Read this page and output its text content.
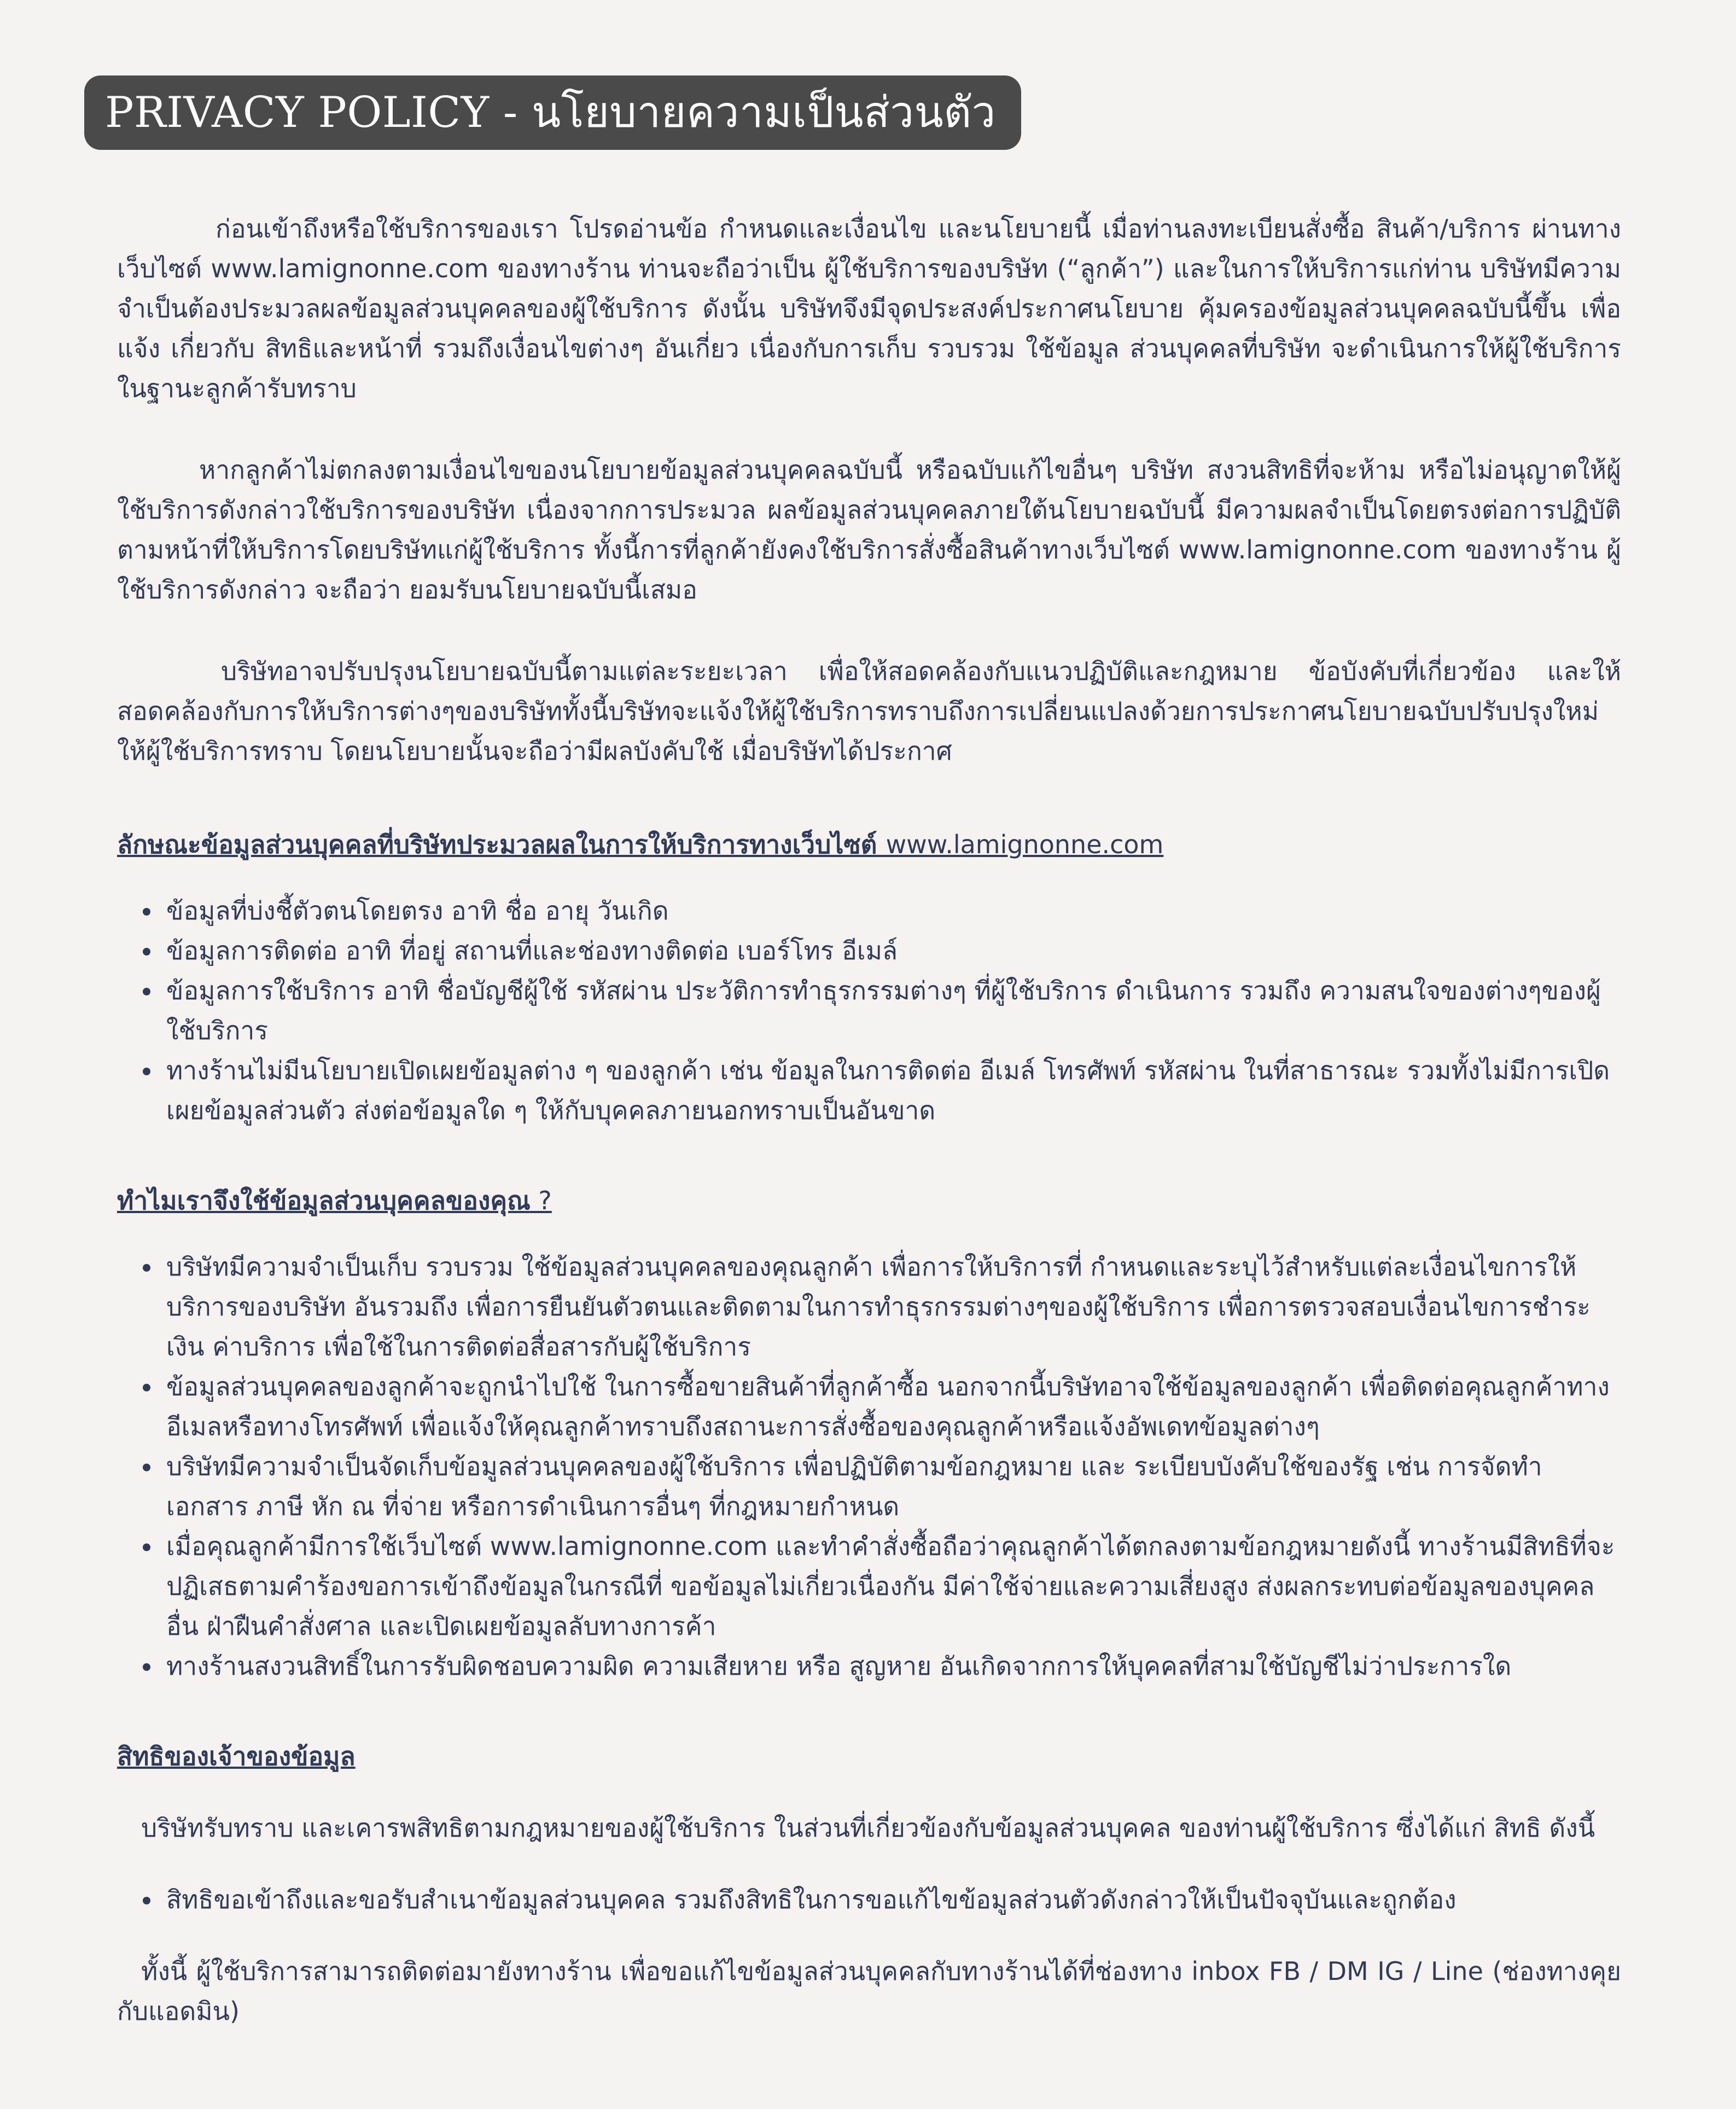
PRIVACY POLICY - นโยบายความเป็นส่วนตัว

ก่อนเข้าถึงหรือใช้บริการของเรา โปรดอ่านข้อ กำหนดและเงื่อนไข และนโยบายนี้ เมื่อท่านลงทะเบียนสั่งซื้อ สินค้า/บริการ ผ่านทางเว็บไซต์ www.lamignonne.com ของทางร้าน ท่านจะถือว่าเป็น ผู้ใช้บริการของบริษัท (“ลูกค้า”) และในการให้บริการแก่ท่าน บริษัทมีความจำเป็นต้องประมวลผลข้อมูลส่วนบุคคลของผู้ใช้บริการ ดังนั้น บริษัทจึงมีจุดประสงค์ประกาศนโยบาย คุ้มครองข้อมูลส่วนบุคคลฉบับนี้ขึ้น เพื่อแจ้ง เกี่ยวกับ สิทธิและหน้าที่ รวมถึงเงื่อนไขต่างๆ อันเกี่ยว เนื่องกับการเก็บ รวบรวม ใช้ข้อมูล ส่วนบุคคลที่บริษัท จะดำเนินการให้ผู้ใช้บริการ ในฐานะลูกค้ารับทราบ

หากลูกค้าไม่ตกลงตามเงื่อนไขของนโยบายข้อมูลส่วนบุคคลฉบับนี้ หรือฉบับแก้ไขอื่นๆ บริษัท สงวนสิทธิที่จะห้าม หรือไม่อนุญาตให้ผู้ใช้บริการดังกล่าวใช้บริการของบริษัท เนื่องจากการประมวล ผลข้อมูลส่วนบุคคลภายใต้นโยบายฉบับนี้ มีความผลจำเป็นโดยตรงต่อการปฏิบัติตามหน้าที่ให้บริการโดยบริษัทแก่ผู้ใช้บริการ ทั้งนี้การที่ลูกค้ายังคงใช้บริการสั่งซื้อสินค้าทางเว็บไซต์ www.lamignonne.com ของทางร้าน ผู้ใช้บริการดังกล่าว จะถือว่า ยอมรับนโยบายฉบับนี้เสมอ

บริษัทอาจปรับปรุงนโยบายฉบับนี้ตามแต่ละระยะเวลา เพื่อให้สอดคล้องกับแนวปฏิบัติและกฎหมาย ข้อบังคับที่เกี่ยวข้อง และให้สอดคล้องกับการให้บริการต่างๆของบริษัททั้งนี้บริษัทจะแจ้งให้ผู้ใช้บริการทราบถึงการเปลี่ยนแปลงด้วยการประกาศนโยบายฉบับปรับปรุงใหม่ให้ผู้ใช้บริการทราบ โดยนโยบายนั้นจะถือว่ามีผลบังคับใช้ เมื่อบริษัทได้ประกาศ

ลักษณะข้อมูลส่วนบุคคลที่บริษัทประมวลผลในการให้บริการทางเว็บไซต์ www.lamignonne.com
• ข้อมูลที่บ่งชี้ตัวตนโดยตรง อาทิ ชื่อ อายุ วันเกิด
• ข้อมูลการติดต่อ อาทิ ที่อยู่ สถานที่และช่องทางติดต่อ เบอร์โทร อีเมล์
• ข้อมูลการใช้บริการ อาทิ ชื่อบัญชีผู้ใช้ รหัสผ่าน ประวัติการทำธุรกรรมต่างๆ ที่ผู้ใช้บริการ ดำเนินการ รวมถึง ความสนใจของต่างๆของผู้ใช้บริการ
• ทางร้านไม่มีนโยบายเปิดเผยข้อมูลต่าง ๆ ของลูกค้า เช่น ข้อมูลในการติดต่อ อีเมล์ โทรศัพท์ รหัสผ่าน ในที่สาธารณะ รวมทั้งไม่มีการเปิดเผยข้อมูลส่วนตัว ส่งต่อข้อมูลใด ๆ ให้กับบุคคลภายนอกทราบเป็นอันขาด
ทำไมเราจึงใช้ข้อมูลส่วนบุคคลของคุณ ?
• บริษัทมีความจำเป็นเก็บ รวบรวม ใช้ข้อมูลส่วนบุคคลของคุณลูกค้า เพื่อการให้บริการที่ กำหนดและระบุไว้สำหรับแต่ละเงื่อนไขการให้บริการของบริษัท อันรวมถึง เพื่อการยืนยันตัวตนและติดตามในการทำธุรกรรมต่างๆของผู้ใช้บริการ เพื่อการตรวจสอบเงื่อนไขการชำระเงิน ค่าบริการ เพื่อใช้ในการติดต่อสื่อสารกับผู้ใช้บริการ
• ข้อมูลส่วนบุคคลของลูกค้าจะถูกนำไปใช้ ในการซื้อขายสินค้าที่ลูกค้าซื้อ นอกจากนี้บริษัทอาจใช้ข้อมูลของลูกค้า เพื่อติดต่อคุณลูกค้าทางอีเมลหรือทางโทรศัพท์ เพื่อแจ้งให้คุณลูกค้าทราบถึงสถานะการสั่งซื้อของคุณลูกค้าหรือแจ้งอัพเดทข้อมูลต่างๆ
• บริษัทมีความจำเป็นจัดเก็บข้อมูลส่วนบุคคลของผู้ใช้บริการ เพื่อปฏิบัติตามข้อกฎหมาย และ ระเบียบบังคับใช้ของรัฐ เช่น การจัดทำเอกสาร ภาษี หัก ณ ที่จ่าย หรือการดำเนินการอื่นๆ ที่กฎหมายกำหนด
• เมื่อคุณลูกค้ามีการใช้เว็บไซต์ www.lamignonne.com และทำคำสั่งซื้อถือว่าคุณลูกค้าได้ตกลงตามข้อกฎหมายดังนี้ ทางร้านมีสิทธิที่จะปฏิเสธตามคำร้องขอการเข้าถึงข้อมูลในกรณีที่ ขอข้อมูลไม่เกี่ยวเนื่องกัน มีค่าใช้จ่ายและความเสี่ยงสูง ส่งผลกระทบต่อข้อมูลของบุคคลอื่น ฝ่าฝืนคำสั่งศาล และเปิดเผยข้อมูลลับทางการค้า
• ทางร้านสงวนสิทธิ์ในการรับผิดชอบความผิด ความเสียหาย หรือ สูญหาย อันเกิดจากการให้บุคคลที่สามใช้บัญชีไม่ว่าประการใด
สิทธิของเจ้าของข้อมูล

บริษัทรับทราบ และเคารพสิทธิตามกฎหมายของผู้ใช้บริการ ในส่วนที่เกี่ยวข้องกับข้อมูลส่วนบุคคล ของท่านผู้ใช้บริการ ซึ่งได้แก่ สิทธิ ดังนี้

• สิทธิขอเข้าถึงและขอรับสำเนาข้อมูลส่วนบุคคล รวมถึงสิทธิในการขอแก้ไขข้อมูลส่วนตัวดังกล่าวให้เป็นปัจจุบันและถูกต้อง

ทั้งนี้ ผู้ใช้บริการสามารถติดต่อมายังทางร้าน เพื่อขอแก้ไขข้อมูลส่วนบุคคลกับทางร้านได้ที่ช่องทาง inbox FB / DM IG / Line (ช่องทางคุยกับแอดมิน)
